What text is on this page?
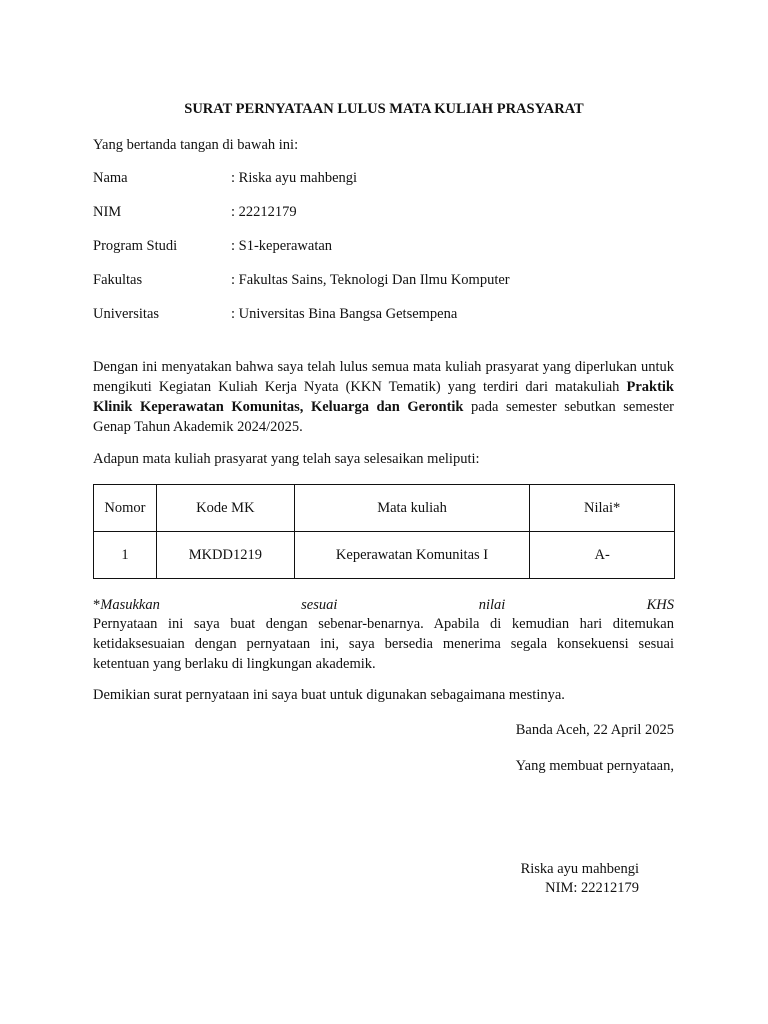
SURAT PERNYATAAN LULUS MATA KULIAH PRASYARAT
Yang bertanda tangan di bawah ini:
Nama	: Riska ayu mahbengi
NIM	: 22212179
Program Studi	: S1-keperawatan
Fakultas	: Fakultas Sains, Teknologi Dan Ilmu Komputer
Universitas	: Universitas Bina Bangsa Getsempena
Dengan ini menyatakan bahwa saya telah lulus semua mata kuliah prasyarat yang diperlukan untuk mengikuti Kegiatan Kuliah Kerja Nyata (KKN Tematik) yang terdiri dari matakuliah Praktik Klinik Keperawatan Komunitas, Keluarga dan Gerontik pada semester sebutkan semester Genap Tahun Akademik 2024/2025.
Adapun mata kuliah prasyarat yang telah saya selesaikan meliputi:
Nomor	Kode MK	Mata kuliah	Nilai*
1	MKDD1219	Keperawatan Komunitas I	A-
*Masukkan	sesuai	nilai	KHS
Pernyataan ini saya buat dengan sebenar-benarnya. Apabila di kemudian hari ditemukan ketidaksesuaian dengan pernyataan ini, saya bersedia menerima segala konsekuensi sesuai ketentuan yang berlaku di lingkungan akademik.
Demikian surat pernyataan ini saya buat untuk digunakan sebagaimana mestinya.
Banda Aceh, 22 April 2025
Yang membuat pernyataan,
Riska ayu mahbengi
NIM: 22212179
